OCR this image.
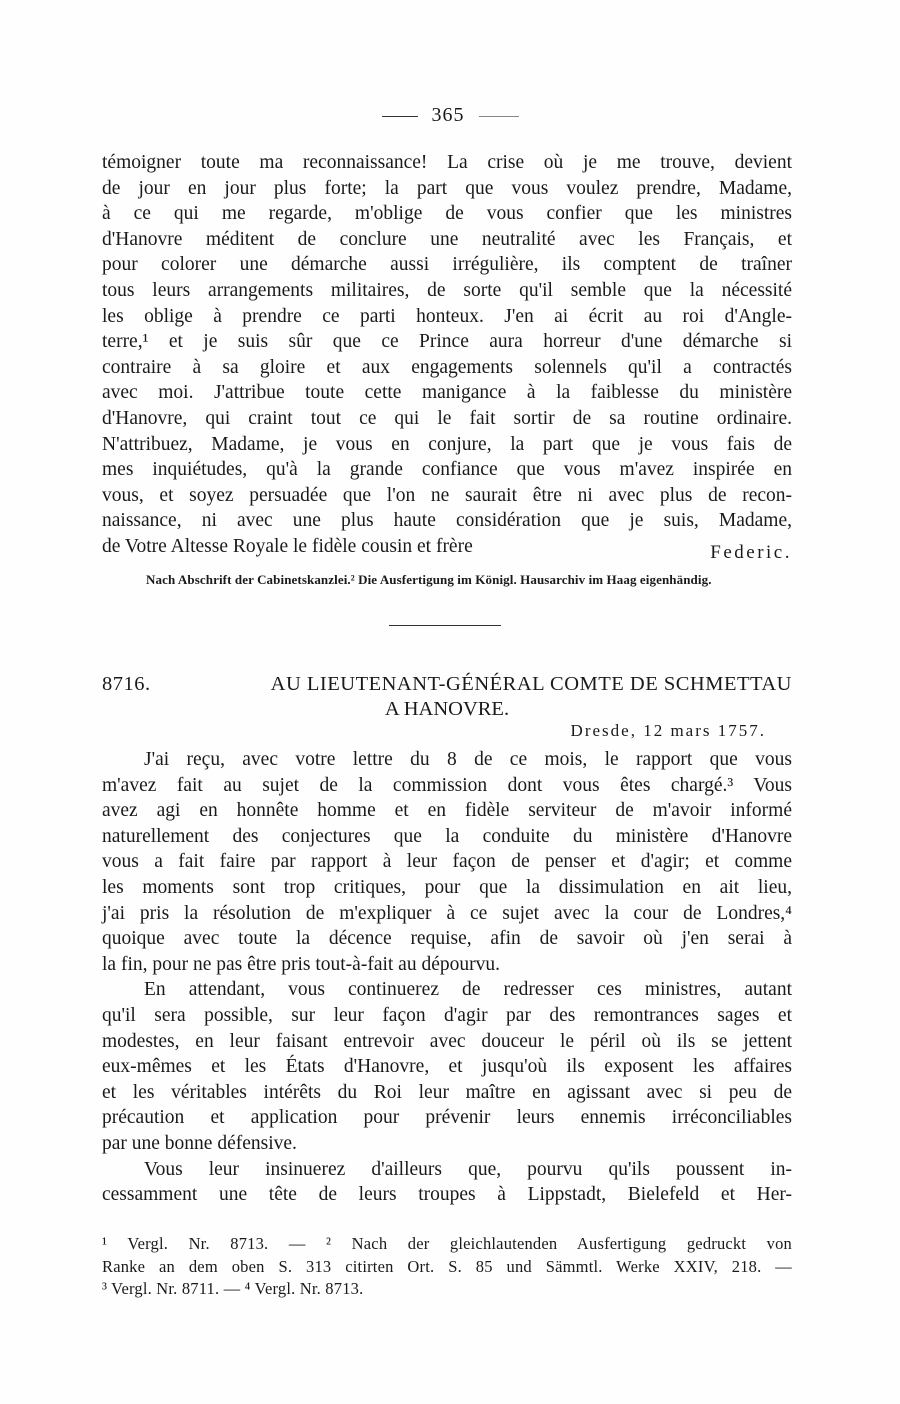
365
témoigner toute ma reconnaissance! La crise où je me trouve, devient
de jour en jour plus forte; la part que vous voulez prendre, Madame,
à ce qui me regarde, m'oblige de vous confier que les ministres
d'Hanovre méditent de conclure une neutralité avec les Français, et
pour colorer une démarche aussi irrégulière, ils comptent de traîner
tous leurs arrangements militaires, de sorte qu'il semble que la nécessité
les oblige à prendre ce parti honteux. J'en ai écrit au roi d'Angle-
terre,¹ et je suis sûr que ce Prince aura horreur d'une démarche si
contraire à sa gloire et aux engagements solennels qu'il a contractés
avec moi. J'attribue toute cette manigance à la faiblesse du ministère
d'Hanovre, qui craint tout ce qui le fait sortir de sa routine ordinaire.
N'attribuez, Madame, je vous en conjure, la part que je vous fais de
mes inquiétudes, qu'à la grande confiance que vous m'avez inspirée en
vous, et soyez persuadée que l'on ne saurait être ni avec plus de recon-
naissance, ni avec une plus haute considération que je suis, Madame,
de Votre Altesse Royale le fidèle cousin et frère	Federic.
Nach Abschrift der Cabinetskanzlei.² Die Ausfertigung im Königl. Hausarchiv im Haag eigenhändig.
8716.	AU LIEUTENANT-GÉNÉRAL COMTE DE SCHMETTAU
A HANOVRE.
Dresde, 12 mars 1757.
J'ai reçu, avec votre lettre du 8 de ce mois, le rapport que vous
m'avez fait au sujet de la commission dont vous êtes chargé.³ Vous
avez agi en honnête homme et en fidèle serviteur de m'avoir informé
naturellement des conjectures que la conduite du ministère d'Hanovre
vous a fait faire par rapport à leur façon de penser et d'agir; et comme
les moments sont trop critiques, pour que la dissimulation en ait lieu,
j'ai pris la résolution de m'expliquer à ce sujet avec la cour de Londres,⁴
quoique avec toute la décence requise, afin de savoir où j'en serai à
la fin, pour ne pas être pris tout-à-fait au dépourvu.
En attendant, vous continuerez de redresser ces ministres, autant
qu'il sera possible, sur leur façon d'agir par des remontrances sages et
modestes, en leur faisant entrevoir avec douceur le péril où ils se jettent
eux-mêmes et les États d'Hanovre, et jusqu'où ils exposent les affaires
et les véritables intérêts du Roi leur maître en agissant avec si peu de
précaution et application pour prévenir leurs ennemis irréconciliables
par une bonne défensive.
Vous leur insinuerez d'ailleurs que, pourvu qu'ils poussent in-
cessamment une tête de leurs troupes à Lippstadt, Bielefeld et Her-
¹ Vergl. Nr. 8713. — ² Nach der gleichlautenden Ausfertigung gedruckt von
Ranke an dem oben S. 313 citirten Ort. S. 85 und Sämmtl. Werke XXIV, 218. —
³ Vergl. Nr. 8711. — ⁴ Vergl. Nr. 8713.
